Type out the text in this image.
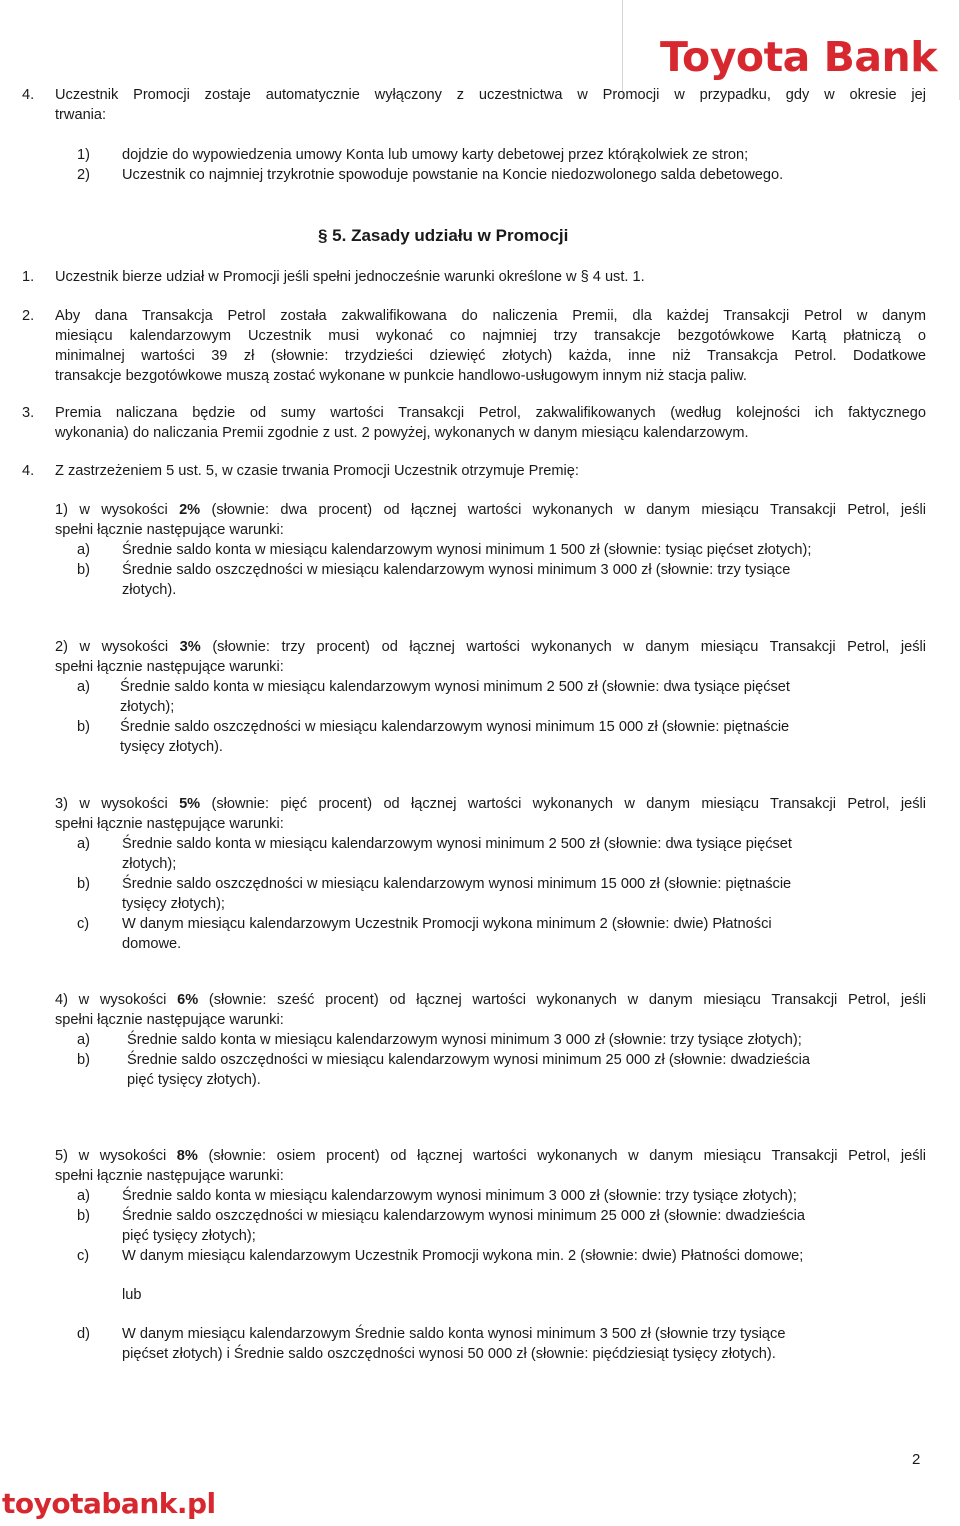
Toyota Bank
4. Uczestnik Promocji zostaje automatycznie wyłączony z uczestnictwa w Promocji w przypadku, gdy w okresie jej
trwania:
1) dojdzie do wypowiedzenia umowy Konta lub umowy karty debetowej przez którąkolwiek ze stron;
2) Uczestnik co najmniej trzykrotnie spowoduje powstanie na Koncie niedozwolonego salda debetowego.
§ 5. Zasady udziału w Promocji
1. Uczestnik bierze udział w Promocji jeśli spełni jednocześnie warunki określone w § 4 ust. 1.
2. Aby dana Transakcja Petrol została zakwalifikowana do naliczenia Premii, dla każdej Transakcji Petrol w danym
miesiącu kalendarzowym Uczestnik musi wykonać co najmniej trzy transakcje bezgotówkowe Kartą płatniczą o
minimalnej wartości 39 zł (słownie: trzydzieści dziewięć złotych) każda, inne niż Transakcja Petrol. Dodatkowe
transakcje bezgotówkowe muszą zostać wykonane w punkcie handlowo-usługowym innym niż stacja paliw.
3. Premia naliczana będzie od sumy wartości Transakcji Petrol, zakwalifikowanych (według kolejności ich faktycznego
wykonania) do naliczania Premii zgodnie z ust. 2 powyżej, wykonanych w danym miesiącu kalendarzowym.
4. Z zastrzeżeniem 5 ust. 5, w czasie trwania Promocji Uczestnik otrzymuje Premię:
1) w wysokości 2% (słownie: dwa procent) od łącznej wartości wykonanych w danym miesiącu Transakcji Petrol, jeśli
spełni łącznie następujące warunki:
a) Średnie saldo konta w miesiącu kalendarzowym wynosi minimum 1 500 zł (słownie: tysiąc pięćset złotych);
b) Średnie saldo oszczędności w miesiącu kalendarzowym wynosi minimum 3 000 zł (słownie: trzy tysiące
złotych).
2) w wysokości 3% (słownie: trzy procent) od łącznej wartości wykonanych w danym miesiącu Transakcji Petrol, jeśli
spełni łącznie następujące warunki:
a) Średnie saldo konta w miesiącu kalendarzowym wynosi minimum 2 500 zł (słownie: dwa tysiące pięćset
złotych);
b) Średnie saldo oszczędności w miesiącu kalendarzowym wynosi minimum 15 000 zł (słownie: piętnaście
tysięcy złotych).
3) w wysokości 5% (słownie: pięć procent) od łącznej wartości wykonanych w danym miesiącu Transakcji Petrol, jeśli
spełni łącznie następujące warunki:
a) Średnie saldo konta w miesiącu kalendarzowym wynosi minimum 2 500 zł (słownie: dwa tysiące pięćset
złotych);
b) Średnie saldo oszczędności w miesiącu kalendarzowym wynosi minimum 15 000 zł (słownie: piętnaście
tysięcy złotych);
c) W danym miesiącu kalendarzowym Uczestnik Promocji wykona minimum 2 (słownie: dwie) Płatności
domowe.
4) w wysokości 6% (słownie: sześć procent) od łącznej wartości wykonanych w danym miesiącu Transakcji Petrol, jeśli
spełni łącznie następujące warunki:
a)	Średnie saldo konta w miesiącu kalendarzowym wynosi minimum 3 000 zł (słownie: trzy tysiące złotych);
b)	Średnie saldo oszczędności w miesiącu kalendarzowym wynosi minimum 25 000 zł (słownie: dwadzieścia
pięć tysięcy złotych).
5) w wysokości 8% (słownie: osiem procent) od łącznej wartości wykonanych w danym miesiącu Transakcji Petrol, jeśli
spełni łącznie następujące warunki:
a) Średnie saldo konta w miesiącu kalendarzowym wynosi minimum 3 000 zł (słownie: trzy tysiące złotych);
b) Średnie saldo oszczędności w miesiącu kalendarzowym wynosi minimum 25 000 zł (słownie: dwadzieścia
pięć tysięcy złotych);
c) W danym miesiącu kalendarzowym Uczestnik Promocji wykona min. 2 (słownie: dwie) Płatności domowe;
lub
d) W danym miesiącu kalendarzowym Średnie saldo konta wynosi minimum 3 500 zł (słownie trzy tysiące
pięćset złotych) i Średnie saldo oszczędności wynosi 50 000 zł (słownie: pięćdziesiąt tysięcy złotych).
2
toyotabank.pl
